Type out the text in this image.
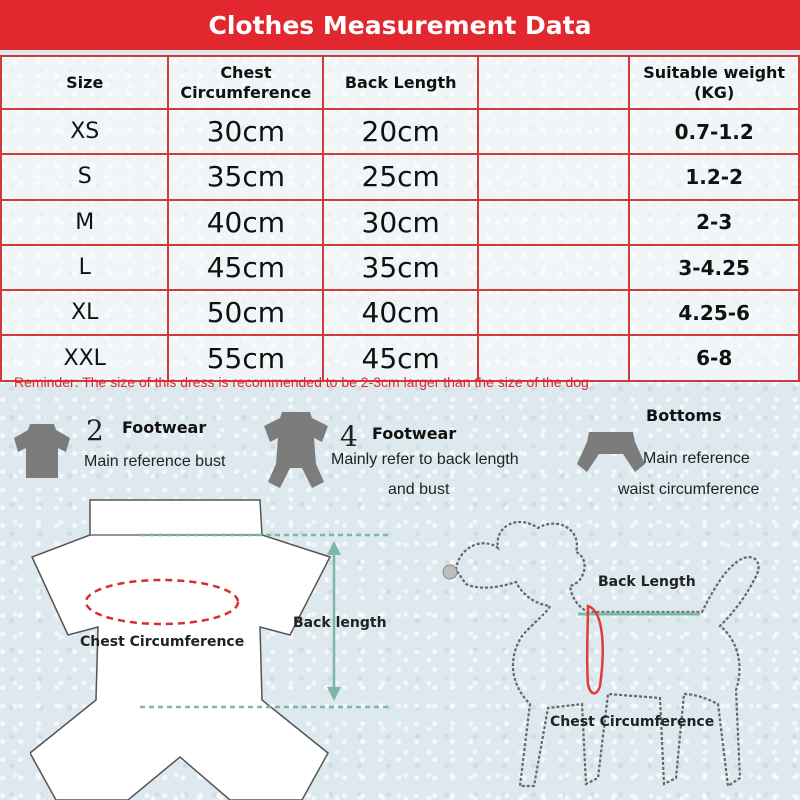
Clothes Measurement Data
Size	Chest Circumference	Back Length		Suitable weight (KG)
XS	30cm	20cm		0.7-1.2
S	35cm	25cm		1.2-2
M	40cm	30cm		2-3
L	45cm	35cm		3-4.25
XL	50cm	40cm		4.25-6
XXL	55cm	45cm		6-8
Reminder: The size of this dress is recommended to be 2-3cm larger than the size of the dog
2 Footwear
Main reference bust
4 Footwear
Mainly refer to back length
and bust
Bottoms
Main reference
waist circumference
Chest Circumference
Back length
Back Length
Chest Circumference
